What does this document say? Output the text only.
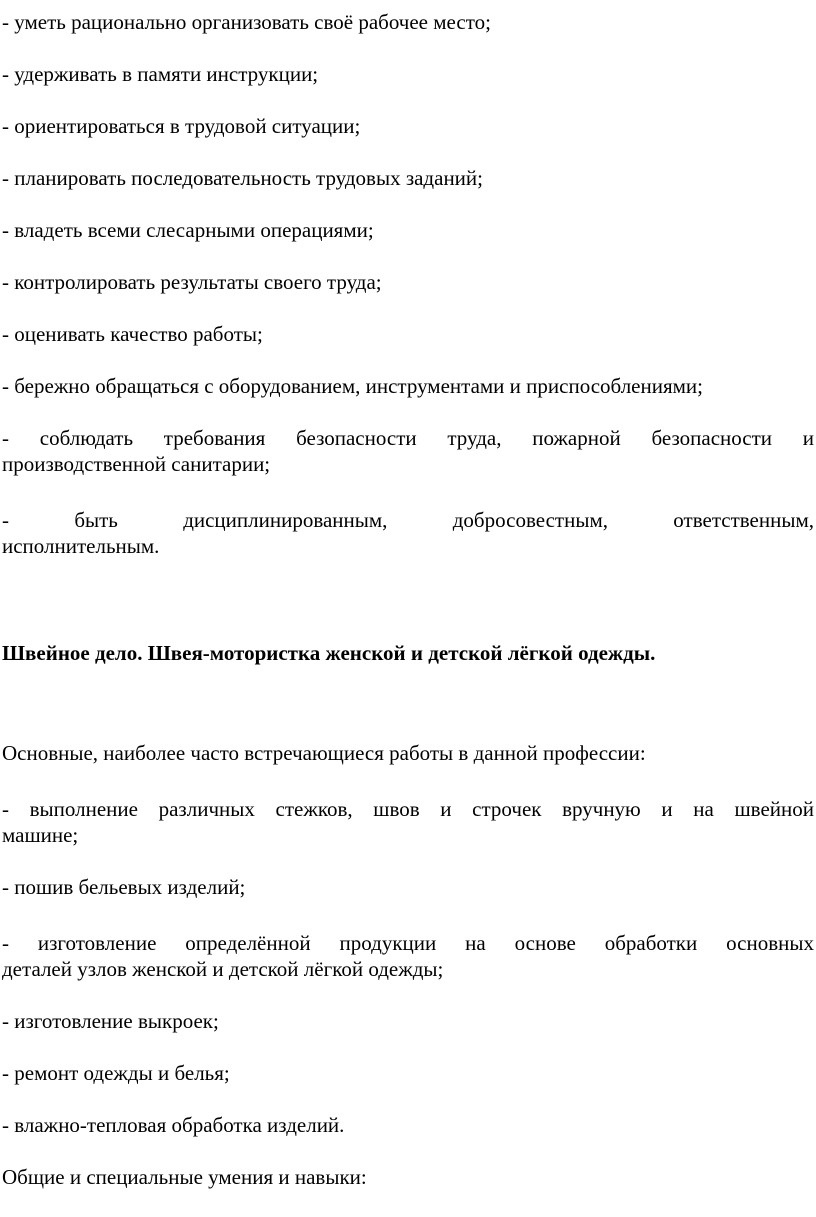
- уметь рационально организовать своё рабочее место;

- удерживать в памяти инструкции;

- ориентироваться в трудовой ситуации;

- планировать последовательность трудовых заданий;

- владеть всеми слесарными операциями;

- контролировать результаты своего труда;

- оценивать качество работы;

- бережно обращаться с оборудованием, инструментами и приспособлениями;

- соблюдать требования безопасности труда, пожарной безопасности и

производственной санитарии;

- быть дисциплинированным, добросовестным, ответственным,

исполнительным.

Швейное дело. Швея-мотористка женской и детской лёгкой одежды.

Основные, наиболее часто встречающиеся работы в данной профессии:

- выполнение различных стежков, швов и строчек вручную и на швейной

машине;

- пошив бельевых изделий;

- изготовление определённой продукции на основе обработки основных

деталей узлов женской и детской лёгкой одежды;

- изготовление выкроек;

- ремонт одежды и белья;

- влажно-тепловая обработка изделий.

Общие и специальные умения и навыки:
